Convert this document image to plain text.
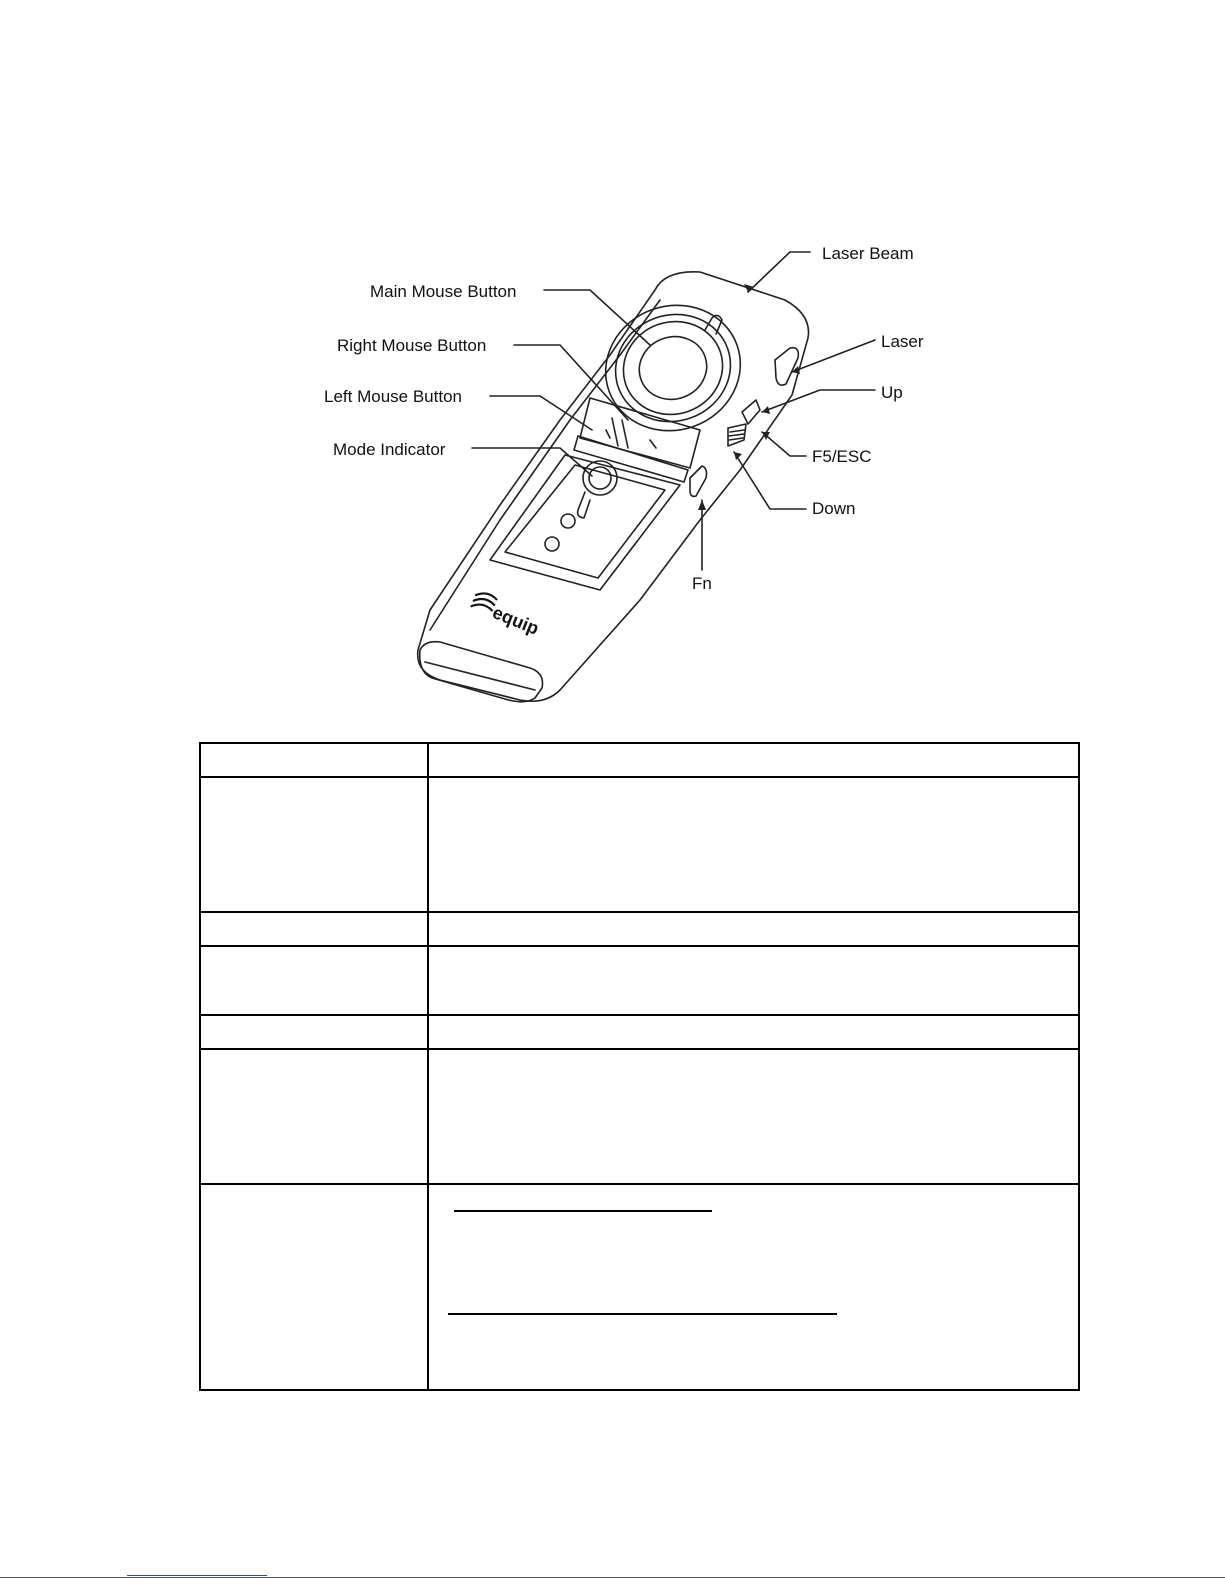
equip
Laser Beam
Main Mouse Button
Right Mouse Button
Left Mouse Button
Mode Indicator
Laser
Up
F5/ESC
Down
Fn
